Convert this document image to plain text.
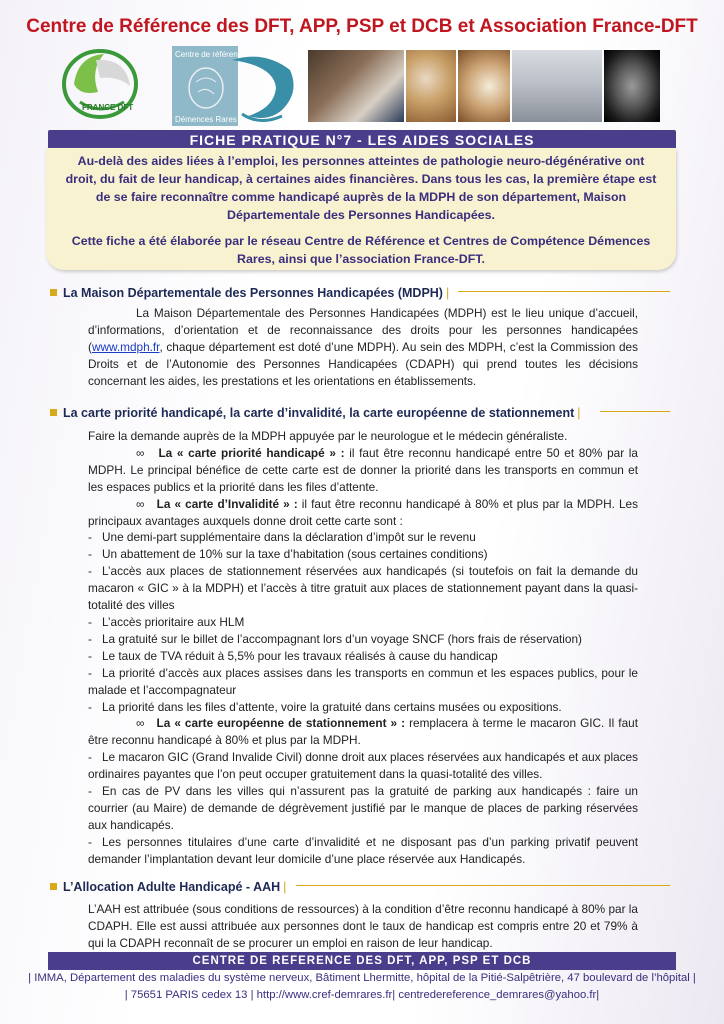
Centre de Référence des DFT, APP, PSP et DCB et Association France-DFT
FRANCE DFT
Centre de référence
Démences Rares
FICHE PRATIQUE N°7 - LES AIDES SOCIALES

Au-delà des aides liées à l’emploi, les personnes atteintes de pathologie neuro-dégénérative ont droit, du fait de leur handicap, à certaines aides financières. Dans tous les cas, la première étape est de se faire reconnaître comme handicapé auprès de la MDPH de son département, Maison Départementale des Personnes Handicapées.

Cette fiche a été élaborée par le réseau Centre de Référence et Centres de Compétence Démences Rares, ainsi que l’association France-DFT.

La Maison Départementale des Personnes Handicapées (MDPH) |

La Maison Départementale des Personnes Handicapées (MDPH) est le lieu unique d’accueil, d’informations, d’orientation et de reconnaissance des droits pour les personnes handicapées (www.mdph.fr, chaque département est doté d’une MDPH). Au sein des MDPH, c’est la Commission des Droits et de l’Autonomie des Personnes Handicapées (CDAPH) qui prend toutes les décisions concernant les aides, les prestations et les orientations en établissements.

La carte priorité handicapé, la carte d’invalidité, la carte européenne de stationnement |

Faire la demande auprès de la MDPH appuyée par le neurologue et le médecin généraliste.

∞ La « carte priorité handicapé » : il faut être reconnu handicapé entre 50 et 80% par la MDPH. Le principal bénéfice de cette carte est de donner la priorité dans les transports en commun et les espaces publics et la priorité dans les files d’attente.

∞ La « carte d’Invalidité » : il faut être reconnu handicapé à 80% et plus par la MDPH. Les principaux avantages auxquels donne droit cette carte sont :

- Une demi-part supplémentaire dans la déclaration d’impôt sur le revenu

- Un abattement de 10% sur la taxe d’habitation (sous certaines conditions)

- L’accès aux places de stationnement réservées aux handicapés (si toutefois on fait la demande du macaron « GIC » à la MDPH) et l’accès à titre gratuit aux places de stationnement payant dans la quasi-totalité des villes

- L’accès prioritaire aux HLM

- La gratuité sur le billet de l’accompagnant lors d’un voyage SNCF (hors frais de réservation)

- Le taux de TVA réduit à 5,5% pour les travaux réalisés à cause du handicap

- La priorité d’accès aux places assises dans les transports en commun et les espaces publics, pour le malade et l’accompagnateur

- La priorité dans les files d’attente, voire la gratuité dans certains musées ou expositions.

∞ La « carte européenne de stationnement » : remplacera à terme le macaron GIC. Il faut être reconnu handicapé à 80% et plus par la MDPH.

- Le macaron GIC (Grand Invalide Civil) donne droit aux places réservées aux handicapés et aux places ordinaires payantes que l’on peut occuper gratuitement dans la quasi-totalité des villes.

- En cas de PV dans les villes qui n’assurent pas la gratuité de parking aux handicapés : faire un courrier (au Maire) de demande de dégrèvement justifié par le manque de places de parking réservées aux handicapés.

- Les personnes titulaires d’une carte d’invalidité et ne disposant pas d’un parking privatif peuvent demander l’implantation devant leur domicile d’une place réservée aux Handicapés.

L’Allocation Adulte Handicapé - AAH |

L’AAH est attribuée (sous conditions de ressources) à la condition d’être reconnu handicapé à 80% par la CDAPH. Elle est aussi attribuée aux personnes dont le taux de handicap est compris entre 20 et 79% à qui la CDAPH reconnaît de se procurer un emploi en raison de leur handicap.

CENTRE DE REFERENCE DES DFT, APP, PSP ET DCB
| IMMA, Département des maladies du système nerveux, Bâtiment Lhermitte, hôpital de la Pitié-Salpêtrière, 47 boulevard de l’hôpital |
| 75651 PARIS cedex 13 | http://www.cref-demrares.fr| centredereference_demrares@yahoo.fr|
